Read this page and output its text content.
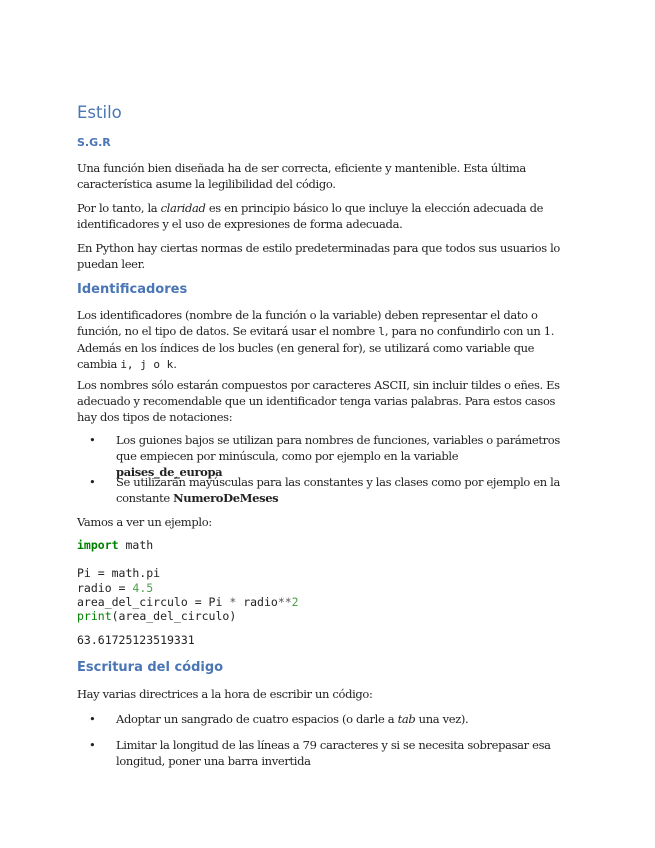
Estilo
S.G.R

Una función bien diseñada ha de ser correcta, eficiente y mantenible. Esta última característica asume la legilibilidad del código.

Por lo tanto, la claridad es en principio básico lo que incluye la elección adecuada de identificadores y el uso de expresiones de forma adecuada.

En Python hay ciertas normas de estilo predeterminadas para que todos sus usuarios lo puedan leer.

Identificadores

Los identificadores (nombre de la función o la variable) deben representar el dato o función, no el tipo de datos. Se evitará usar el nombre l, para no confundirlo con un 1. Además en los índices de los bucles (en general for), se utilizará como variable que cambia i, j o k.

Los nombres sólo estarán compuestos por caracteres ASCII, sin incluir tildes o eñes. Es adecuado y recomendable que un identificador tenga varias palabras. Para estos casos hay dos tipos de notaciones:

• Los guiones bajos se utilizan para nombres de funciones, variables o parámetros que empiecen por minúscula, como por ejemplo en la variable paises_de_europa
• Se utilizarán mayúsculas para las constantes y las clases como por ejemplo en la constante NumeroDeMeses

Vamos a ver un ejemplo:

import math

Pi = math.pi
radio = 4.5
area_del_circulo = Pi * radio**2
print(area_del_circulo)
63.61725123519331
Escritura del código

Hay varias directrices a la hora de escribir un código:

• Adoptar un sangrado de cuatro espacios (o darle a tab una vez).
• Limitar la longitud de las líneas a 79 caracteres y si se necesita sobrepasar esa longitud, poner una barra invertida
